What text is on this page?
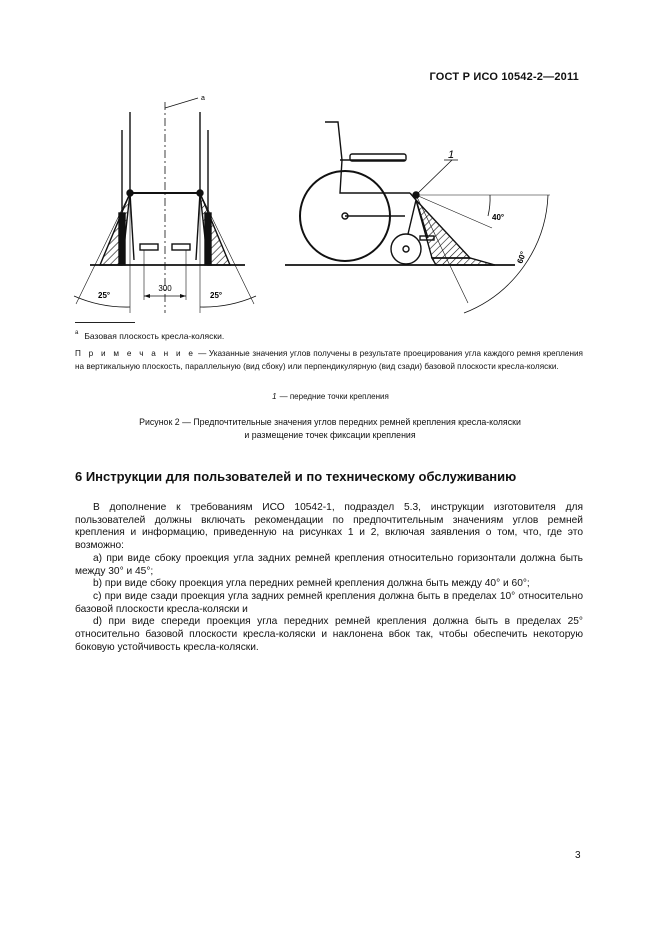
ГОСТ Р ИСО 10542-2—2011
a
300
25°	25°
1
40°
60°
$^a$ Базовая плоскость кресла-коляски.
П р и м е ч а н и е — Указанные значения углов получены в результате проецирования угла каждого ремня крепления на вертикальную плоскость, параллельную (вид сбоку) или перпендикулярную (вид сзади) базовой плоскости кресла-коляски.
1 — передние точки крепления

Рисунок 2 — Предпочтительные значения углов передних ремней крепления кресла-коляски

и размещение точек фиксации крепления

6 Инструкции для пользователей и по техническому обслуживанию

В дополнение к требованиям ИСО 10542-1, подраздел 5.3, инструкции изготовителя для пользователей должны включать рекомендации по предпочтительным значениям углов ремней крепления и информацию, приведенную на рисунках 1 и 2, включая заявления о том, что, где это возможно:

a) при виде сбоку проекция угла задних ремней крепления относительно горизонтали должна быть между 30° и 45°;

b) при виде сбоку проекция угла передних ремней крепления должна быть между 40° и 60°;

c) при виде сзади проекция угла задних ремней крепления должна быть в пределах 10° относительно базовой плоскости кресла-коляски и

d) при виде спереди проекция угла передних ремней крепления должна быть в пределах 25° относительно базовой плоскости кресла-коляски и наклонена вбок так, чтобы обеспечить некоторую боковую устойчивость кресла-коляски.

3
